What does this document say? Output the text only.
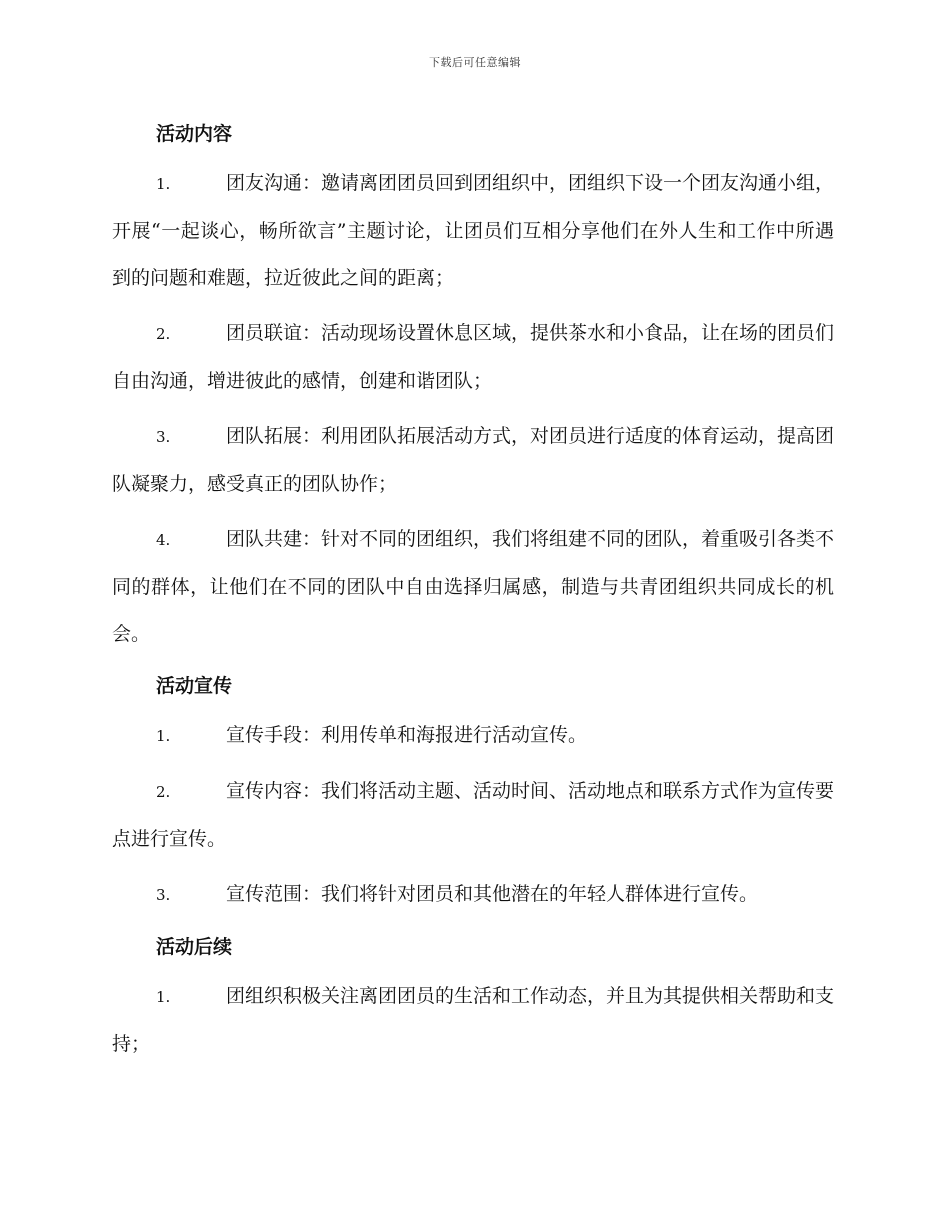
下载后可任意编辑
活动内容

1.	团友沟通：邀请离团团员回到团组织中，团组织下设一个团友沟通小组，开展“一起谈心，畅所欲言”主题讨论，让团员们互相分享他们在外人生和工作中所遇到的问题和难题，拉近彼此之间的距离；

2.	团员联谊：活动现场设置休息区域，提供茶水和小食品，让在场的团员们自由沟通，增进彼此的感情，创建和谐团队；

3.	团队拓展：利用团队拓展活动方式，对团员进行适度的体育运动，提高团队凝聚力，感受真正的团队协作；

4.	团队共建：针对不同的团组织，我们将组建不同的团队，着重吸引各类不同的群体，让他们在不同的团队中自由选择归属感，制造与共青团组织共同成长的机会。

活动宣传

1.	宣传手段：利用传单和海报进行活动宣传。

2.	宣传内容：我们将活动主题、活动时间、活动地点和联系方式作为宣传要点进行宣传。

3.	宣传范围：我们将针对团员和其他潜在的年轻人群体进行宣传。

活动后续

1.	团组织积极关注离团团员的生活和工作动态，并且为其提供相关帮助和支持；
